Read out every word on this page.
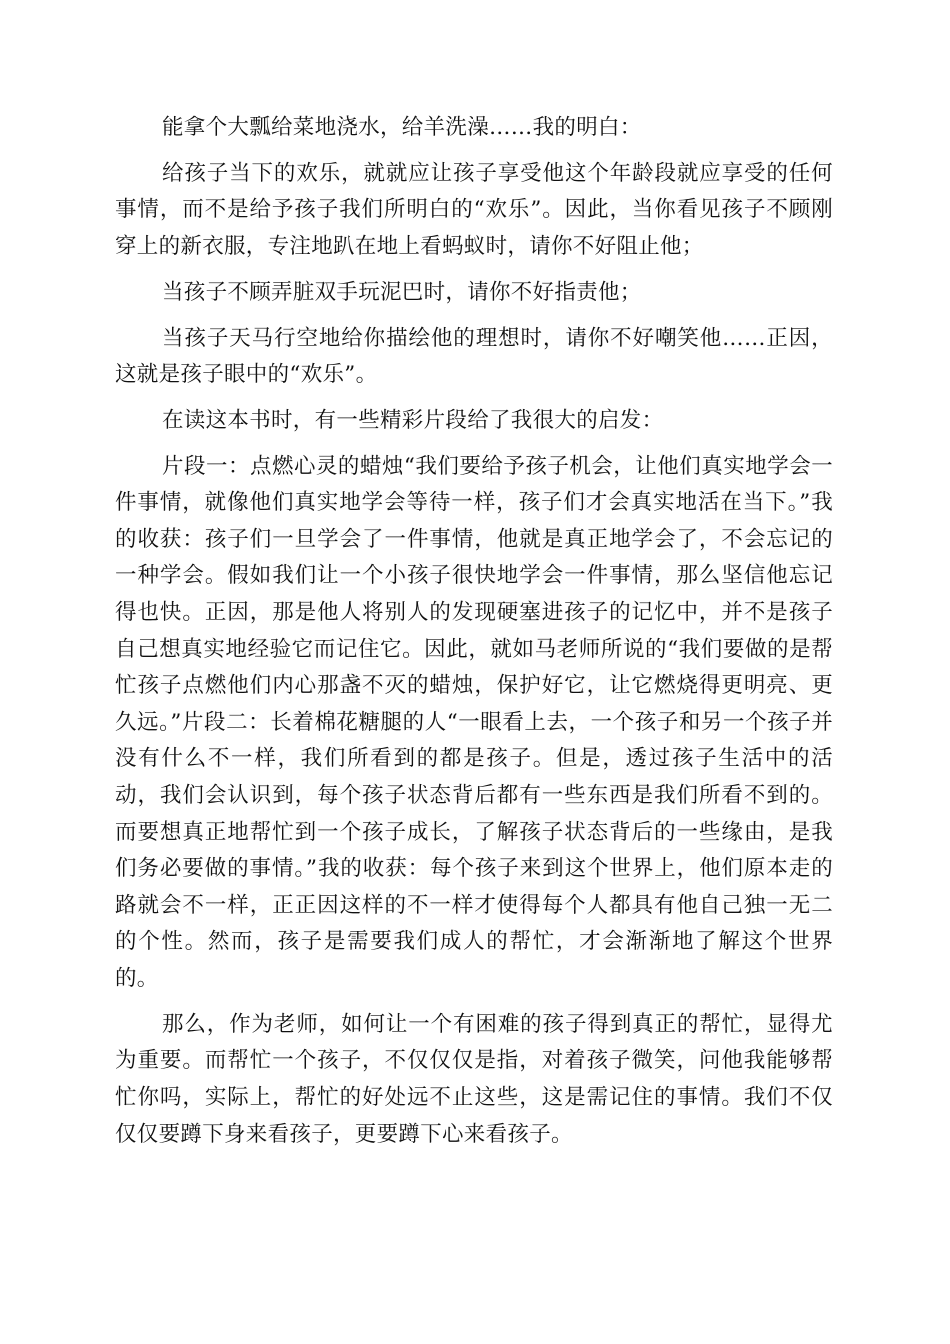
能拿个大瓢给菜地浇水，给羊洗澡……我的明白：

给孩子当下的欢乐，就就应让孩子享受他这个年龄段就应享受的任何事情，而不是给予孩子我们所明白的“欢乐”。因此，当你看见孩子不顾刚穿上的新衣服，专注地趴在地上看蚂蚁时，请你不好阻止他；

当孩子不顾弄脏双手玩泥巴时，请你不好指责他；

当孩子天马行空地给你描绘他的理想时，请你不好嘲笑他……正因，这就是孩子眼中的“欢乐”。

在读这本书时，有一些精彩片段给了我很大的启发：

片段一：点燃心灵的蜡烛“我们要给予孩子机会，让他们真实地学会一件事情，就像他们真实地学会等待一样，孩子们才会真实地活在当下。”我的收获：孩子们一旦学会了一件事情，他就是真正地学会了，不会忘记的一种学会。假如我们让一个小孩子很快地学会一件事情，那么坚信他忘记得也快。正因，那是他人将别人的发现硬塞进孩子的记忆中，并不是孩子自己想真实地经验它而记住它。因此，就如马老师所说的“我们要做的是帮忙孩子点燃他们内心那盏不灭的蜡烛，保护好它，让它燃烧得更明亮、更久远。”片段二：长着棉花糖腿的人“一眼看上去，一个孩子和另一个孩子并没有什么不一样，我们所看到的都是孩子。但是，透过孩子生活中的活动，我们会认识到，每个孩子状态背后都有一些东西是我们所看不到的。而要想真正地帮忙到一个孩子成长，了解孩子状态背后的一些缘由，是我们务必要做的事情。”我的收获：每个孩子来到这个世界上，他们原本走的路就会不一样，正正因这样的不一样才使得每个人都具有他自己独一无二的个性。然而，孩子是需要我们成人的帮忙，才会渐渐地了解这个世界的。

那么，作为老师，如何让一个有困难的孩子得到真正的帮忙，显得尤为重要。而帮忙一个孩子，不仅仅仅是指，对着孩子微笑，问他我能够帮忙你吗，实际上，帮忙的好处远不止这些，这是需记住的事情。我们不仅仅仅要蹲下身来看孩子，更要蹲下心来看孩子。
